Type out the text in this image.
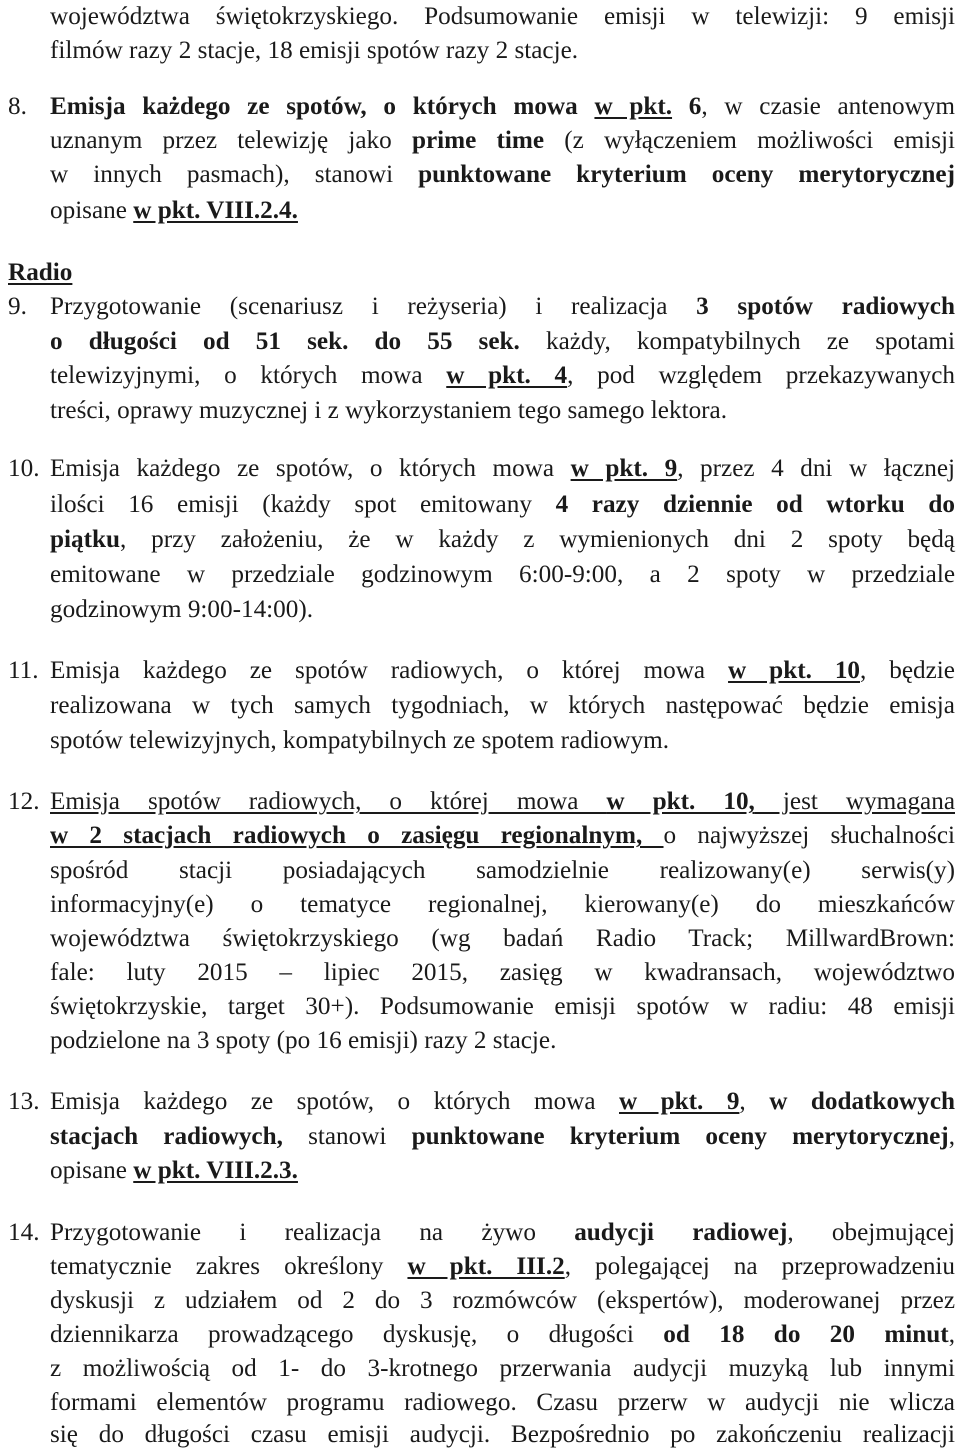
województwa świętokrzyskiego. Podsumowanie emisji w telewizji: 9 emisji
filmów razy 2 stacje, 18 emisji spotów razy 2 stacje.
8. Emisja każdego ze spotów, o których mowa w pkt. 6, w czasie antenowym
uznanym przez telewizję jako prime time (z wyłączeniem możliwości emisji
w innych pasmach), stanowi punktowane kryterium oceny merytorycznej
opisane w pkt. VIII.2.4.
Radio
9. Przygotowanie (scenariusz i reżyseria) i realizacja 3 spotów radiowych
o długości od 51 sek. do 55 sek. każdy, kompatybilnych ze spotami
telewizyjnymi, o których mowa w pkt. 4, pod względem przekazywanych
treści, oprawy muzycznej i z wykorzystaniem tego samego lektora.
10. Emisja każdego ze spotów, o których mowa w pkt. 9, przez 4 dni w łącznej
ilości 16 emisji (każdy spot emitowany 4 razy dziennie od wtorku do
piątku, przy założeniu, że w każdy z wymienionych dni 2 spoty będą
emitowane w przedziale godzinowym 6:00-9:00, a 2 spoty w przedziale
godzinowym 9:00-14:00).
11. Emisja każdego ze spotów radiowych, o której mowa w pkt. 10, będzie
realizowana w tych samych tygodniach, w których następować będzie emisja
spotów telewizyjnych, kompatybilnych ze spotem radiowym.
12. Emisja spotów radiowych, o której mowa w pkt. 10, jest wymagana
w 2 stacjach radiowych o zasięgu regionalnym, o najwyższej słuchalności
spośród stacji posiadających samodzielnie realizowany(e) serwis(y)
informacyjny(e) o tematyce regionalnej, kierowany(e) do mieszkańców
województwa świętokrzyskiego (wg badań Radio Track; MillwardBrown:
fale: luty 2015 – lipiec 2015, zasięg w kwadransach, województwo
świętokrzyskie, target 30+). Podsumowanie emisji spotów w radiu: 48 emisji
podzielone na 3 spoty (po 16 emisji) razy 2 stacje.
13. Emisja każdego ze spotów, o których mowa w pkt. 9, w dodatkowych
stacjach radiowych, stanowi punktowane kryterium oceny merytorycznej,
opisane w pkt. VIII.2.3.
14. Przygotowanie i realizacja na żywo audycji radiowej, obejmującej
tematycznie zakres określony w pkt. III.2, polegającej na przeprowadzeniu
dyskusji z udziałem od 2 do 3 rozmówców (ekspertów), moderowanej przez
dziennikarza prowadzącego dyskusję, o długości od 18 do 20 minut,
z możliwością od 1- do 3-krotnego przerwania audycji muzyką lub innymi
formami elementów programu radiowego. Czasu przerw w audycji nie wlicza
się do długości czasu emisji audycji. Bezpośrednio po zakończeniu realizacji
